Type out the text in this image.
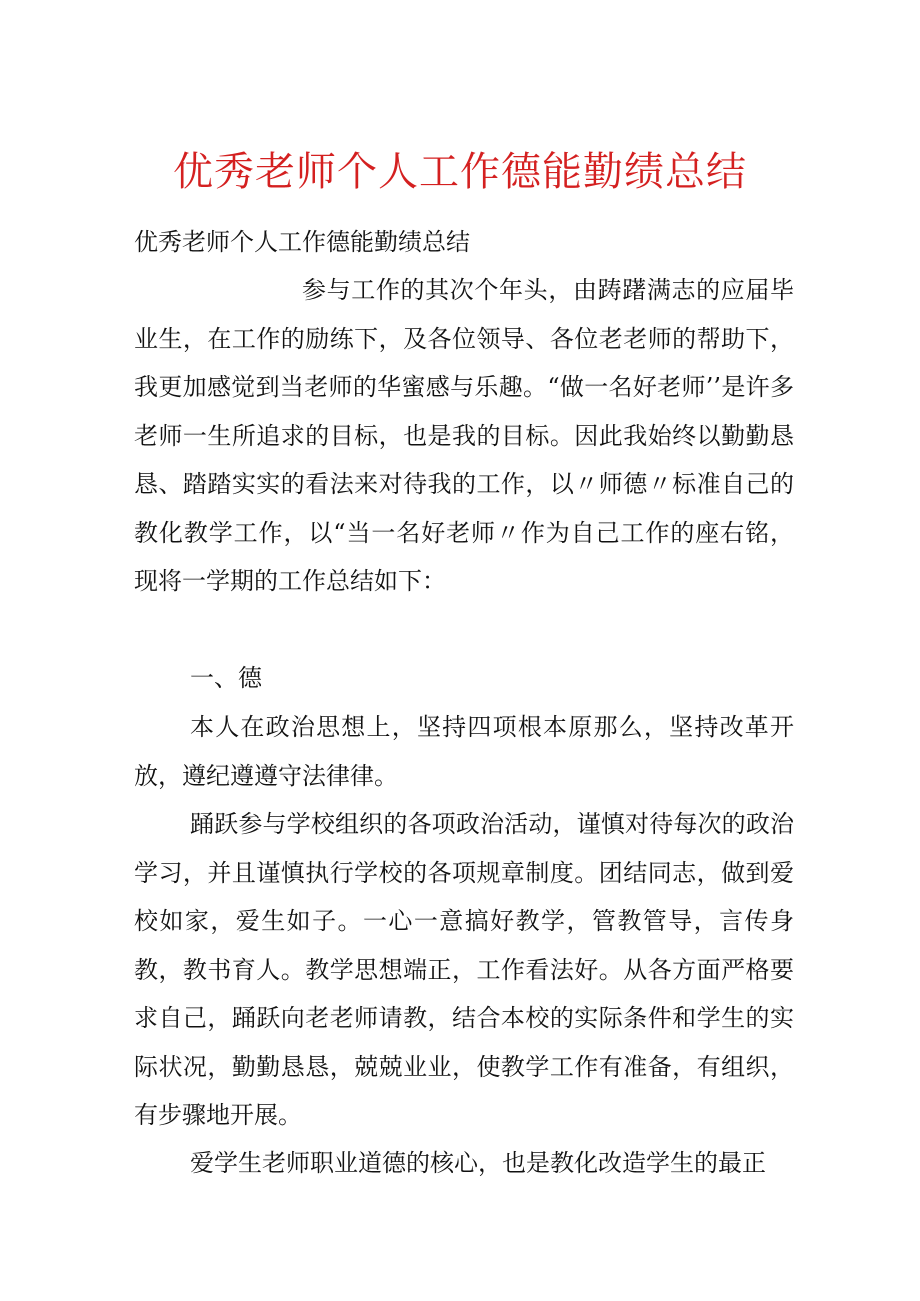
优秀老师个人工作德能勤绩总结

优秀老师个人工作德能勤绩总结

参与工作的其次个年头，由踌躇满志的应届毕业生，在工作的励练下，及各位领导、各位老老师的帮助下，我更加感觉到当老师的华蜜感与乐趣。“做一名好老师’’是许多老师一生所追求的目标，也是我的目标。因此我始终以勤勤恳恳、踏踏实实的看法来对待我的工作，以〃师德〃标准自己的教化教学工作，以“当一名好老师〃作为自己工作的座右铭，现将一学期的工作总结如下：

一、德

本人在政治思想上，坚持四项根本原那么，坚持改革开放，遵纪遵遵守法律律。

踊跃参与学校组织的各项政治活动，谨慎对待每次的政治学习，并且谨慎执行学校的各项规章制度。团结同志，做到爱校如家，爱生如子。一心一意搞好教学，管教管导，言传身教，教书育人。教学思想端正，工作看法好。从各方面严格要求自己，踊跃向老老师请教，结合本校的实际条件和学生的实际状况，勤勤恳恳，兢兢业业，使教学工作有准备，有组织，有步骤地开展。

爱学生老师职业道德的核心，也是教化改造学生的最正
